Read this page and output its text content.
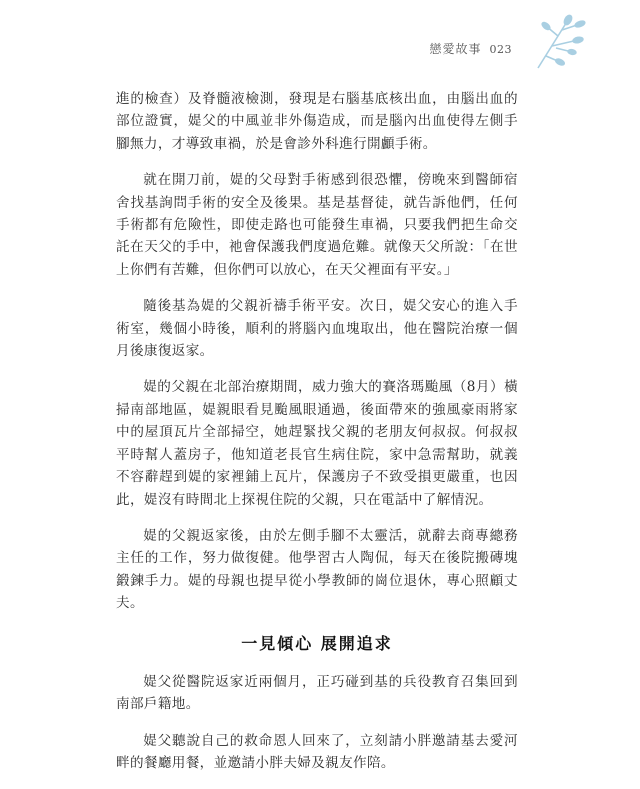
戀愛故事 023

進的檢查）及脊髓液檢測，發現是右腦基底核出血，由腦出血的部位證實，媞父的中風並非外傷造成，而是腦內出血使得左側手腳無力，才導致車禍，於是會診外科進行開顱手術。

就在開刀前，媞的父母對手術感到很恐懼，傍晚來到醫師宿舍找基詢問手術的安全及後果。基是基督徒，就告訴他們，任何手術都有危險性，即使走路也可能發生車禍，只要我們把生命交託在天父的手中，祂會保護我們度過危難。就像天父所說：「在世上你們有苦難，但你們可以放心，在天父裡面有平安。」

隨後基為媞的父親祈禱手術平安。次日，媞父安心的進入手術室，幾個小時後，順利的將腦內血塊取出，他在醫院治療一個月後康復返家。

媞的父親在北部治療期間，威力強大的賽洛瑪颱風（8月）橫掃南部地區，媞親眼看見颱風眼通過，後面帶來的強風豪雨將家中的屋頂瓦片全部掃空，她趕緊找父親的老朋友何叔叔。何叔叔平時幫人蓋房子，他知道老長官生病住院，家中急需幫助，就義不容辭趕到媞的家裡鋪上瓦片，保護房子不致受損更嚴重，也因此，媞沒有時間北上探視住院的父親，只在電話中了解情況。

媞的父親返家後，由於左側手腳不太靈活，就辭去商專總務主任的工作，努力做復健。他學習古人陶侃，每天在後院搬磚塊鍛鍊手力。媞的母親也提早從小學教師的崗位退休，專心照顧丈夫。

一見傾心 展開追求

媞父從醫院返家近兩個月，正巧碰到基的兵役教育召集回到南部戶籍地。

媞父聽說自己的救命恩人回來了，立刻請小胖邀請基去愛河畔的餐廳用餐，並邀請小胖夫婦及親友作陪。
